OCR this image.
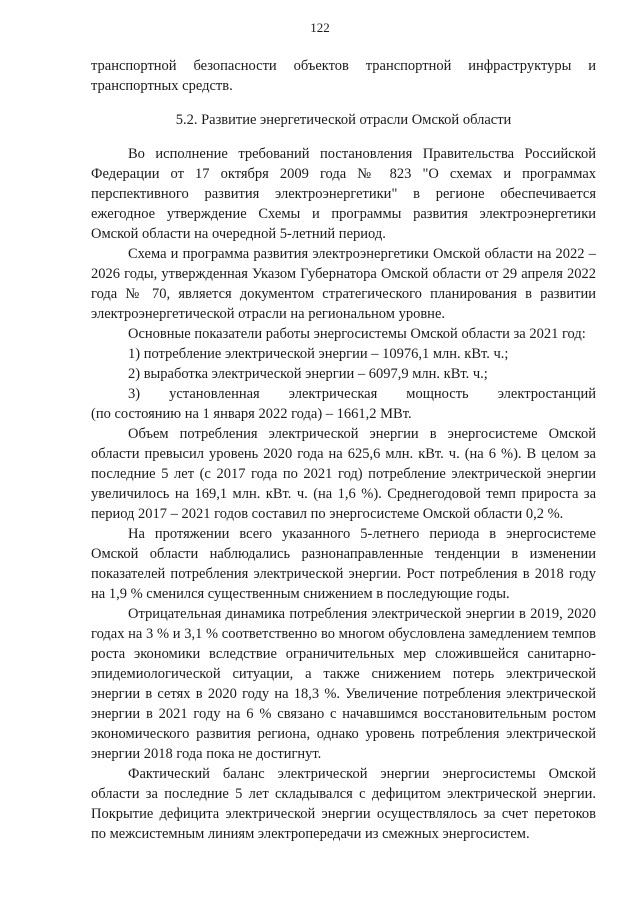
122

транспортной безопасности объектов транспортной инфраструктуры и транспортных средств.

5.2. Развитие энергетической отрасли Омской области

Во исполнение требований постановления Правительства Российской Федерации от 17 октября 2009 года № 823 "О схемах и программах перспективного развития электроэнергетики" в регионе обеспечивается ежегодное утверждение Схемы и программы развития электроэнергетики Омской области на очередной 5-летний период.

Схема и программа развития электроэнергетики Омской области на 2022 – 2026 годы, утвержденная Указом Губернатора Омской области от 29 апреля 2022 года № 70, является документом стратегического планирования в развитии электроэнергетической отрасли на региональном уровне.

Основные показатели работы энергосистемы Омской области за 2021 год:

1) потребление электрической энергии – 10976,1 млн. кВт. ч.;

2) выработка электрической энергии – 6097,9 млн. кВт. ч.;

3) установленная электрическая мощность электростанций

(по состоянию на 1 января 2022 года) – 1661,2 МВт.

Объем потребления электрической энергии в энергосистеме Омской области превысил уровень 2020 года на 625,6 млн. кВт. ч. (на 6 %). В целом за последние 5 лет (с 2017 года по 2021 год) потребление электрической энергии увеличилось на 169,1 млн. кВт. ч. (на 1,6 %). Среднегодовой темп прироста за период 2017 – 2021 годов составил по энергосистеме Омской области 0,2 %.

На протяжении всего указанного 5-летнего периода в энергосистеме Омской области наблюдались разнонаправленные тенденции в изменении показателей потребления электрической энергии. Рост потребления в 2018 году на 1,9 % сменился существенным снижением в последующие годы.

Отрицательная динамика потребления электрической энергии в 2019, 2020 годах на 3 % и 3,1 % соответственно во многом обусловлена замедлением темпов роста экономики вследствие ограничительных мер сложившейся санитарно-эпидемиологической ситуации, а также снижением потерь электрической энергии в сетях в 2020 году на 18,3 %. Увеличение потребления электрической энергии в 2021 году на 6 % связано с начавшимся восстановительным ростом экономического развития региона, однако уровень потребления электрической энергии 2018 года пока не достигнут.

Фактический баланс электрической энергии энергосистемы Омской области за последние 5 лет складывался с дефицитом электрической энергии. Покрытие дефицита электрической энергии осуществлялось за счет перетоков по межсистемным линиям электропередачи из смежных энергосистем.
